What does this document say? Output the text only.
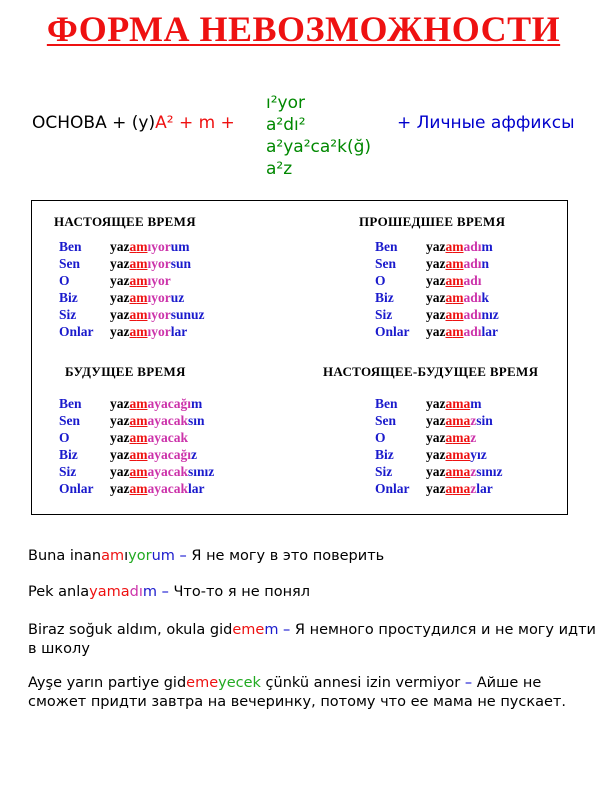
ФОРМА НЕВОЗМОЖНОСТИ
ОСНОВА + (y)A² + m +
ı²yor
a²dı²
a²ya²ca²k(ğ)
a²z
+ Личные аффиксы
НАСТОЯЩЕЕ ВРЕМЯ	ПРОШЕДШЕЕ ВРЕМЯ
БУДУЩЕЕ ВРЕМЯ	НАСТОЯЩЕЕ-БУДУЩЕЕ ВРЕМЯ
Ben	yazamıyorum
Sen	yazamıyorsun
O	yazamıyor
Biz	yazamıyoruz
Siz	yazamıyorsunuz
Onlar	yazamıyorlar
Ben	yazamadım
Sen	yazamadın
O	yazamadı
Biz	yazamadık
Siz	yazamadınız
Onlar	yazamadılar
Ben	yazamayacağım
Sen	yazamayacaksın
O	yazamayacak
Biz	yazamayacağız
Siz	yazamayacaksınız
Onlar	yazamayacaklar
Ben	yazamam
Sen	yazamazsin
O	yazamaz
Biz	yazamayız
Siz	yazamazsınız
Onlar	yazamazlar
Buna inanamıyorum – Я не могу в это поверить
Pek anlayamadım – Что-то я не понял
Biraz soğuk aldım, okula gidemem – Я немного простудился и не могу идти в школу
Ayşe yarın partiye gidemeyecek çünkü annesi izin vermiyor – Айше не сможет придти завтра на вечеринку, потому что ее мама не пускает.
